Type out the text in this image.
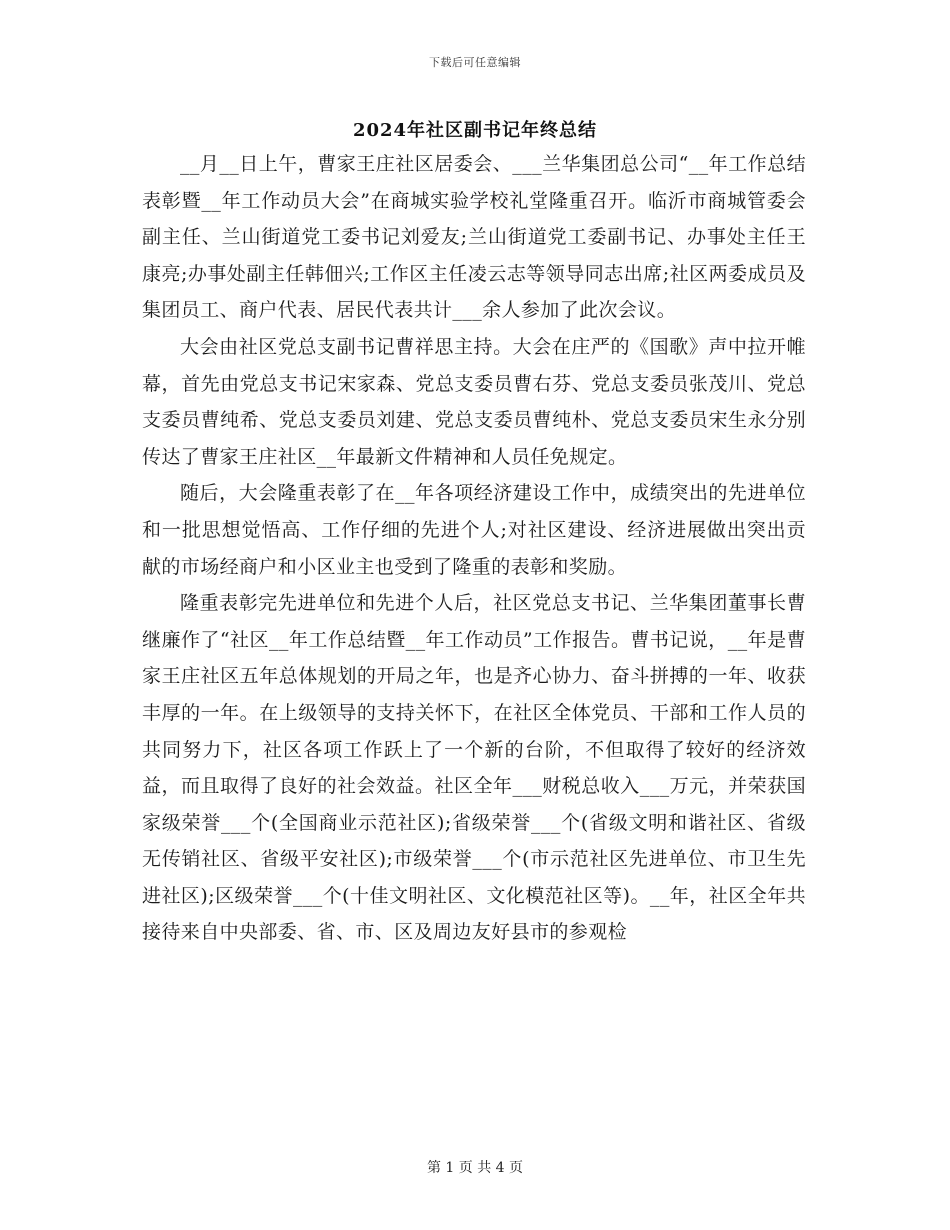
下载后可任意编辑
2024年社区副书记年终总结

__月__日上午，曹家王庄社区居委会、___兰华集团总公司“__年工作总结表彰暨__年工作动员大会”在商城实验学校礼堂隆重召开。临沂市商城管委会副主任、兰山街道党工委书记刘爱友;兰山街道党工委副书记、办事处主任王康亮;办事处副主任韩佃兴;工作区主任凌云志等领导同志出席;社区两委成员及集团员工、商户代表、居民代表共计___余人参加了此次会议。

大会由社区党总支副书记曹祥思主持。大会在庄严的《国歌》声中拉开帷幕，首先由党总支书记宋家森、党总支委员曹右芬、党总支委员张茂川、党总支委员曹纯希、党总支委员刘建、党总支委员曹纯朴、党总支委员宋生永分别传达了曹家王庄社区__年最新文件精神和人员任免规定。

随后，大会隆重表彰了在__年各项经济建设工作中，成绩突出的先进单位和一批思想觉悟高、工作仔细的先进个人;对社区建设、经济进展做出突出贡献的市场经商户和小区业主也受到了隆重的表彰和奖励。

隆重表彰完先进单位和先进个人后，社区党总支书记、兰华集团董事长曹继廉作了“社区__年工作总结暨__年工作动员”工作报告。曹书记说，__年是曹家王庄社区五年总体规划的开局之年，也是齐心协力、奋斗拼搏的一年、收获丰厚的一年。在上级领导的支持关怀下，在社区全体党员、干部和工作人员的共同努力下，社区各项工作跃上了一个新的台阶，不但取得了较好的经济效益，而且取得了良好的社会效益。社区全年___财税总收入___万元，并荣获国家级荣誉___个(全国商业示范社区);省级荣誉___个(省级文明和谐社区、省级无传销社区、省级平安社区);市级荣誉___个(市示范社区先进单位、市卫生先进社区);区级荣誉___个(十佳文明社区、文化模范社区等)。__年，社区全年共接待来自中央部委、省、市、区及周边友好县市的参观检

第 1 页 共 4 页
